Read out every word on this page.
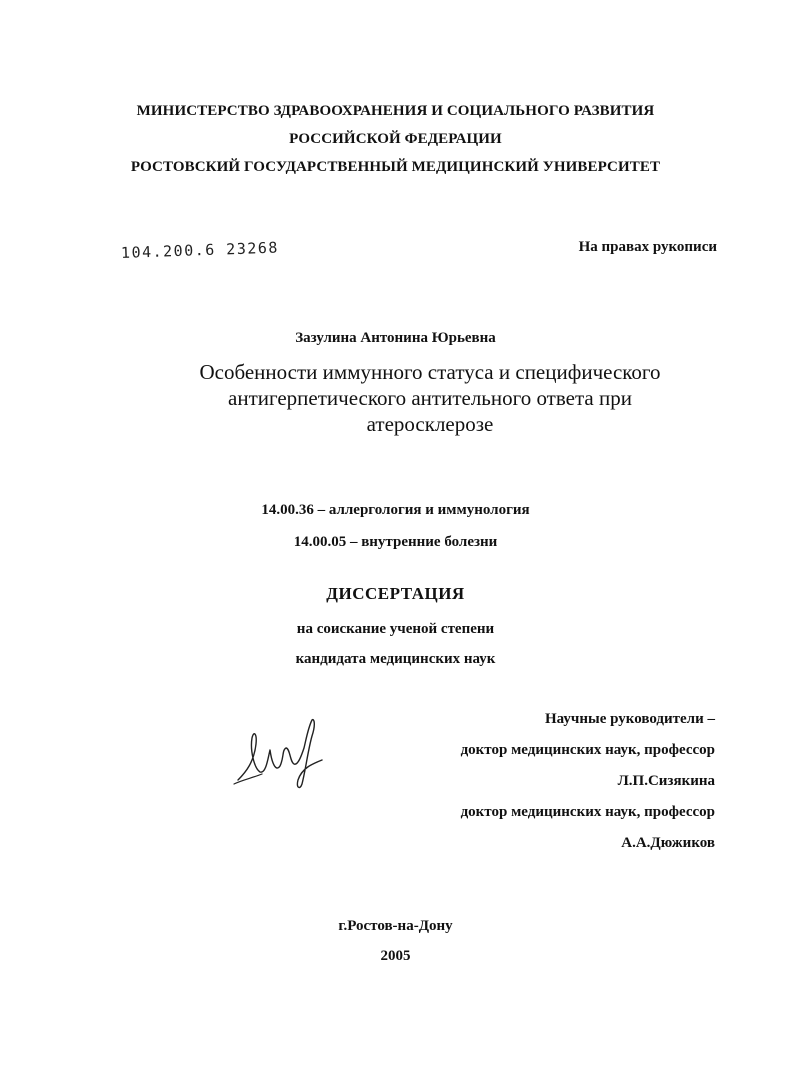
МИНИСТЕРСТВО ЗДРАВООХРАНЕНИЯ И СОЦИАЛЬНОГО РАЗВИТИЯ
РОССИЙСКОЙ ФЕДЕРАЦИИ
РОСТОВСКИЙ ГОСУДАРСТВЕННЫЙ МЕДИЦИНСКИЙ УНИВЕРСИТЕТ
104.200.6 23268	На правах рукописи
Зазулина Антонина Юрьевна
Особенности иммунного статуса и специфического
антигерпетического антительного ответа при
атеросклерозе
14.00.36 – аллергология и иммунология
14.00.05 – внутренние болезни
ДИССЕРТАЦИЯ
на соискание ученой степени
кандидата медицинских наук
Научные руководители –
доктор медицинских наук, профессор
Л.П.Сизякина
доктор медицинских наук, профессор
А.А.Дюжиков
г.Ростов-на-Дону
2005
